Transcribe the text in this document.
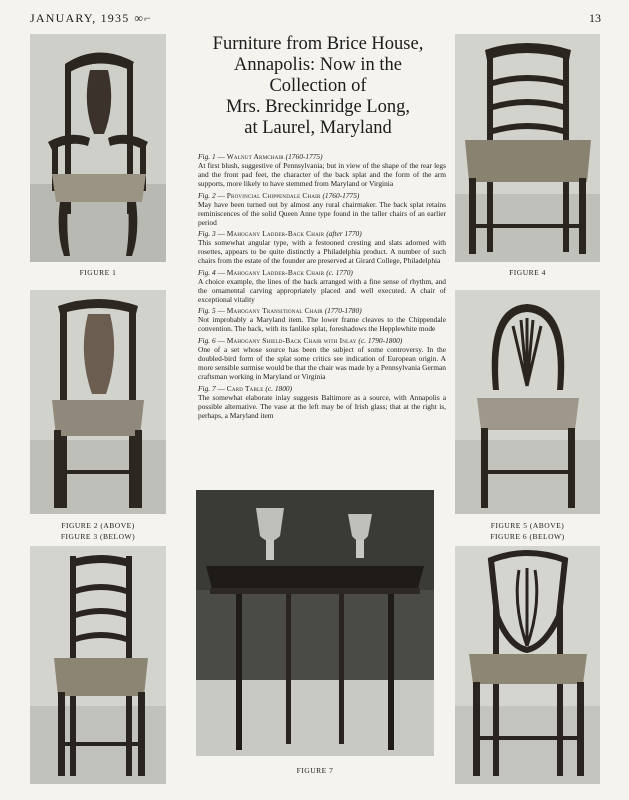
JANUARY, 1935 ∞⌐	13
FIGURE 1
FIGURE 2 (ABOVE)
FIGURE 3 (BELOW)
Furniture from Brice House,
Annapolis: Now in the
Collection of
Mrs. Breckinridge Long,
at Laurel, Maryland

Fig. 1 — Walnut Armchair (1760-1775)
At first blush, suggestive of Pennsylvania; but in view of the shape of the rear legs and the front pad feet, the character of the back splat and the form of the arm supports, more likely to have stemmed from Maryland or Virginia

Fig. 2 — Provincial Chippendale Chair (1760-1775)
May have been turned out by almost any rural chairmaker. The back splat retains reminiscences of the solid Queen Anne type found in the taller chairs of an earlier period

Fig. 3 — Mahogany Ladder-Back Chair (after 1770)
This somewhat angular type, with a festooned cresting and slats adorned with rosettes, appears to be quite distinctly a Philadelphia product. A number of such chairs from the estate of the founder are preserved at Girard College, Philadelphia

Fig. 4 — Mahogany Ladder-Back Chair (c. 1770)
A choice example, the lines of the back arranged with a fine sense of rhythm, and the ornamental carving appropriately placed and well executed. A chair of exceptional vitality

Fig. 5 — Mahogany Transitional Chair (1770-1780)
Not improbably a Maryland item. The lower frame cleaves to the Chippendale convention. The back, with its fanlike splat, foreshadows the Hepplewhite mode

Fig. 6 — Mahogany Shield-Back Chair with Inlay (c. 1790-1800)
One of a set whose source has been the subject of some controversy. In the doubled-bird form of the splat some critics see indication of European origin. A more sensible surmise would be that the chair was made by a Pennsylvania German craftsman working in Maryland or Virginia

Fig. 7 — Card Table (c. 1800)
The somewhat elaborate inlay suggests Baltimore as a source, with Annapolis a possible alternative. The vase at the left may be of Irish glass; that at the right is, perhaps, a Maryland item

FIGURE 7
FIGURE 4
FIGURE 5 (ABOVE)
FIGURE 6 (BELOW)
